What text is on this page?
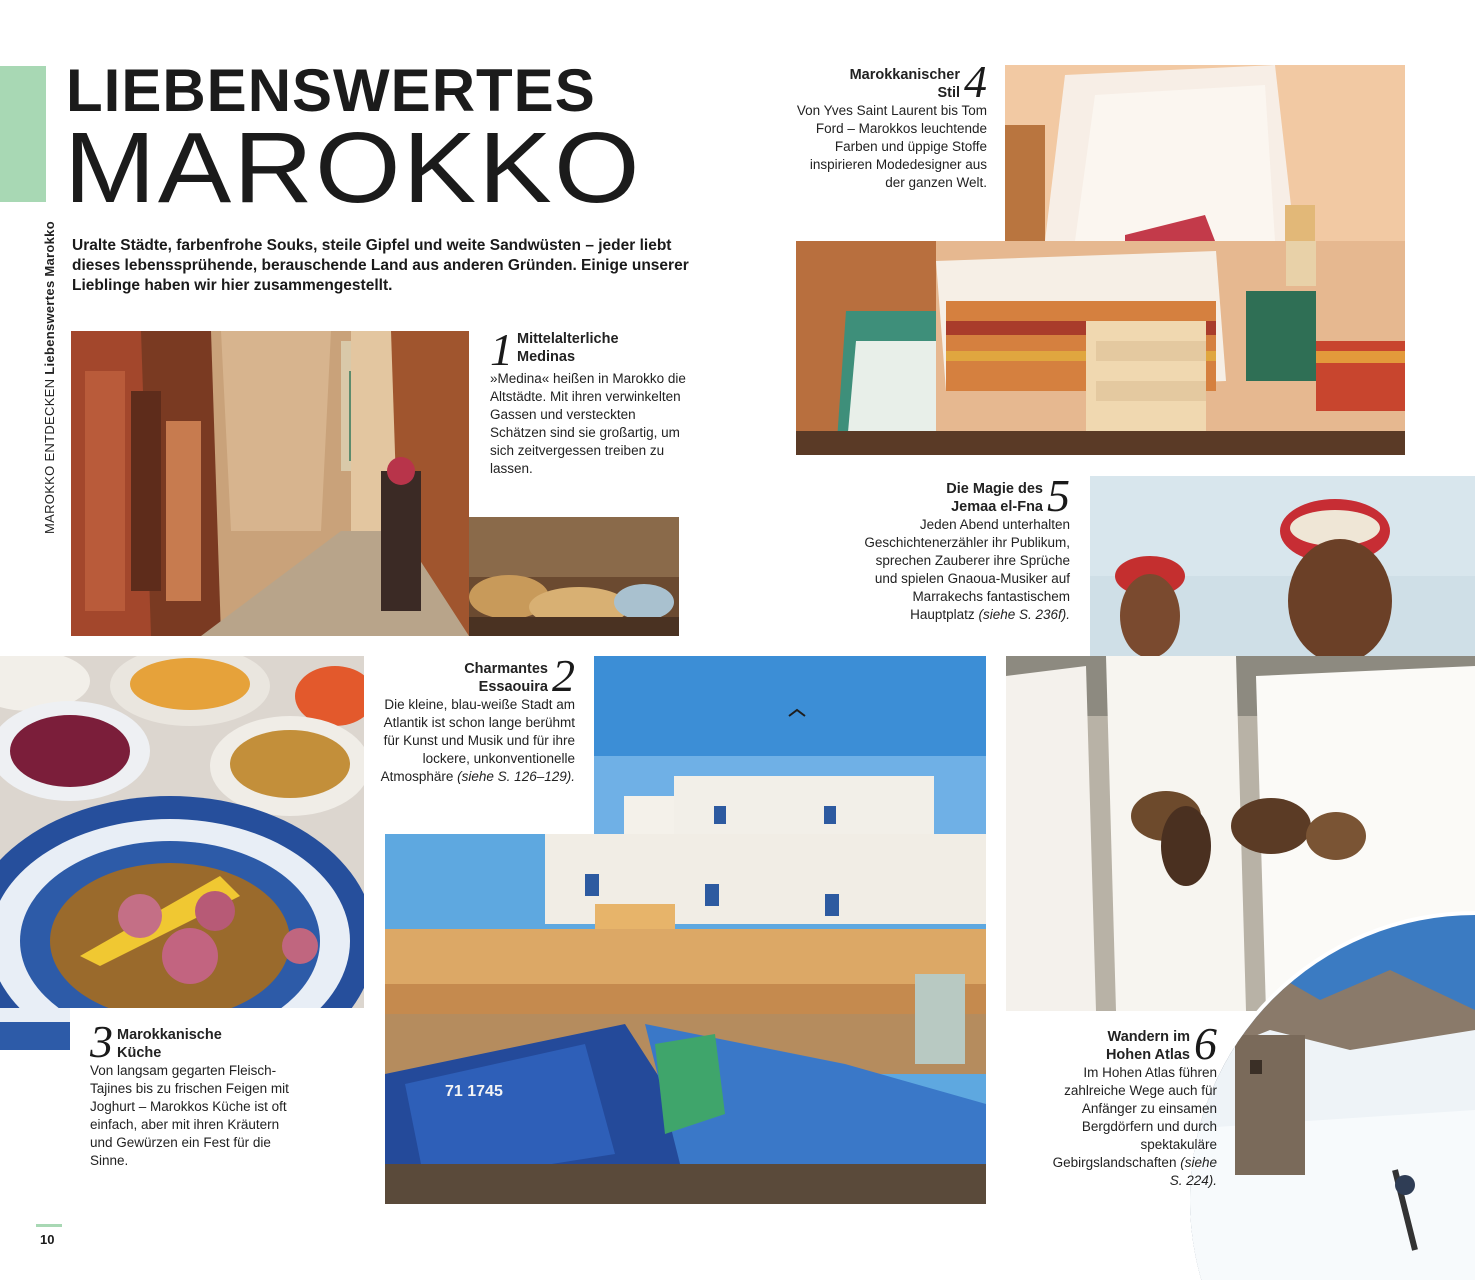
MAROKKO ENTDECKEN Liebenswertes Marokko
LIEBENSWERTES
MAROKKO
Uralte Städte, farbenfrohe Souks, steile Gipfel und weite Sandwüsten – jeder liebt dieses lebenssprühende, berauschende Land aus anderen Gründen. Einige unserer Lieblinge haben wir hier zusammengestellt.
1 Mittelalterliche
Medinas
»Medina« heißen in Marokko die Altstädte. Mit ihren verwinkelten Gassen und versteckten Schätzen sind sie großartig, um sich zeitvergessen treiben zu lassen.
Marokkanischer
Stil 4
Von Yves Saint Laurent bis Tom Ford – Marokkos leuchtende Farben und üppige Stoffe inspirieren Modedesigner aus der ganzen Welt.
Die Magie des
Jemaa el-Fna 5
Jeden Abend unterhalten Geschichtenerzähler ihr Publikum, sprechen Zauberer ihre Sprüche und spielen Gnaoua-Musiker auf Marrakechs fantastischem Hauptplatz (siehe S. 236f).
3 Marokkanische
Küche
Von langsam gegarten Fleisch-Tajines bis zu frischen Feigen mit Joghurt – Marokkos Küche ist oft einfach, aber mit ihren Kräutern und Gewürzen ein Fest für die Sinne.
71 1745
Charmantes
Essaouira 2
Die kleine, blau-weiße Stadt am Atlantik ist schon lange berühmt für Kunst und Musik und für ihre lockere, unkonventionelle Atmosphäre (siehe S. 126–129).
Wandern im
Hohen Atlas 6
Im Hohen Atlas führen zahlreiche Wege auch für Anfänger zu einsamen Bergdörfern und durch spektakuläre Gebirgslandschaften (siehe S. 224).
10
